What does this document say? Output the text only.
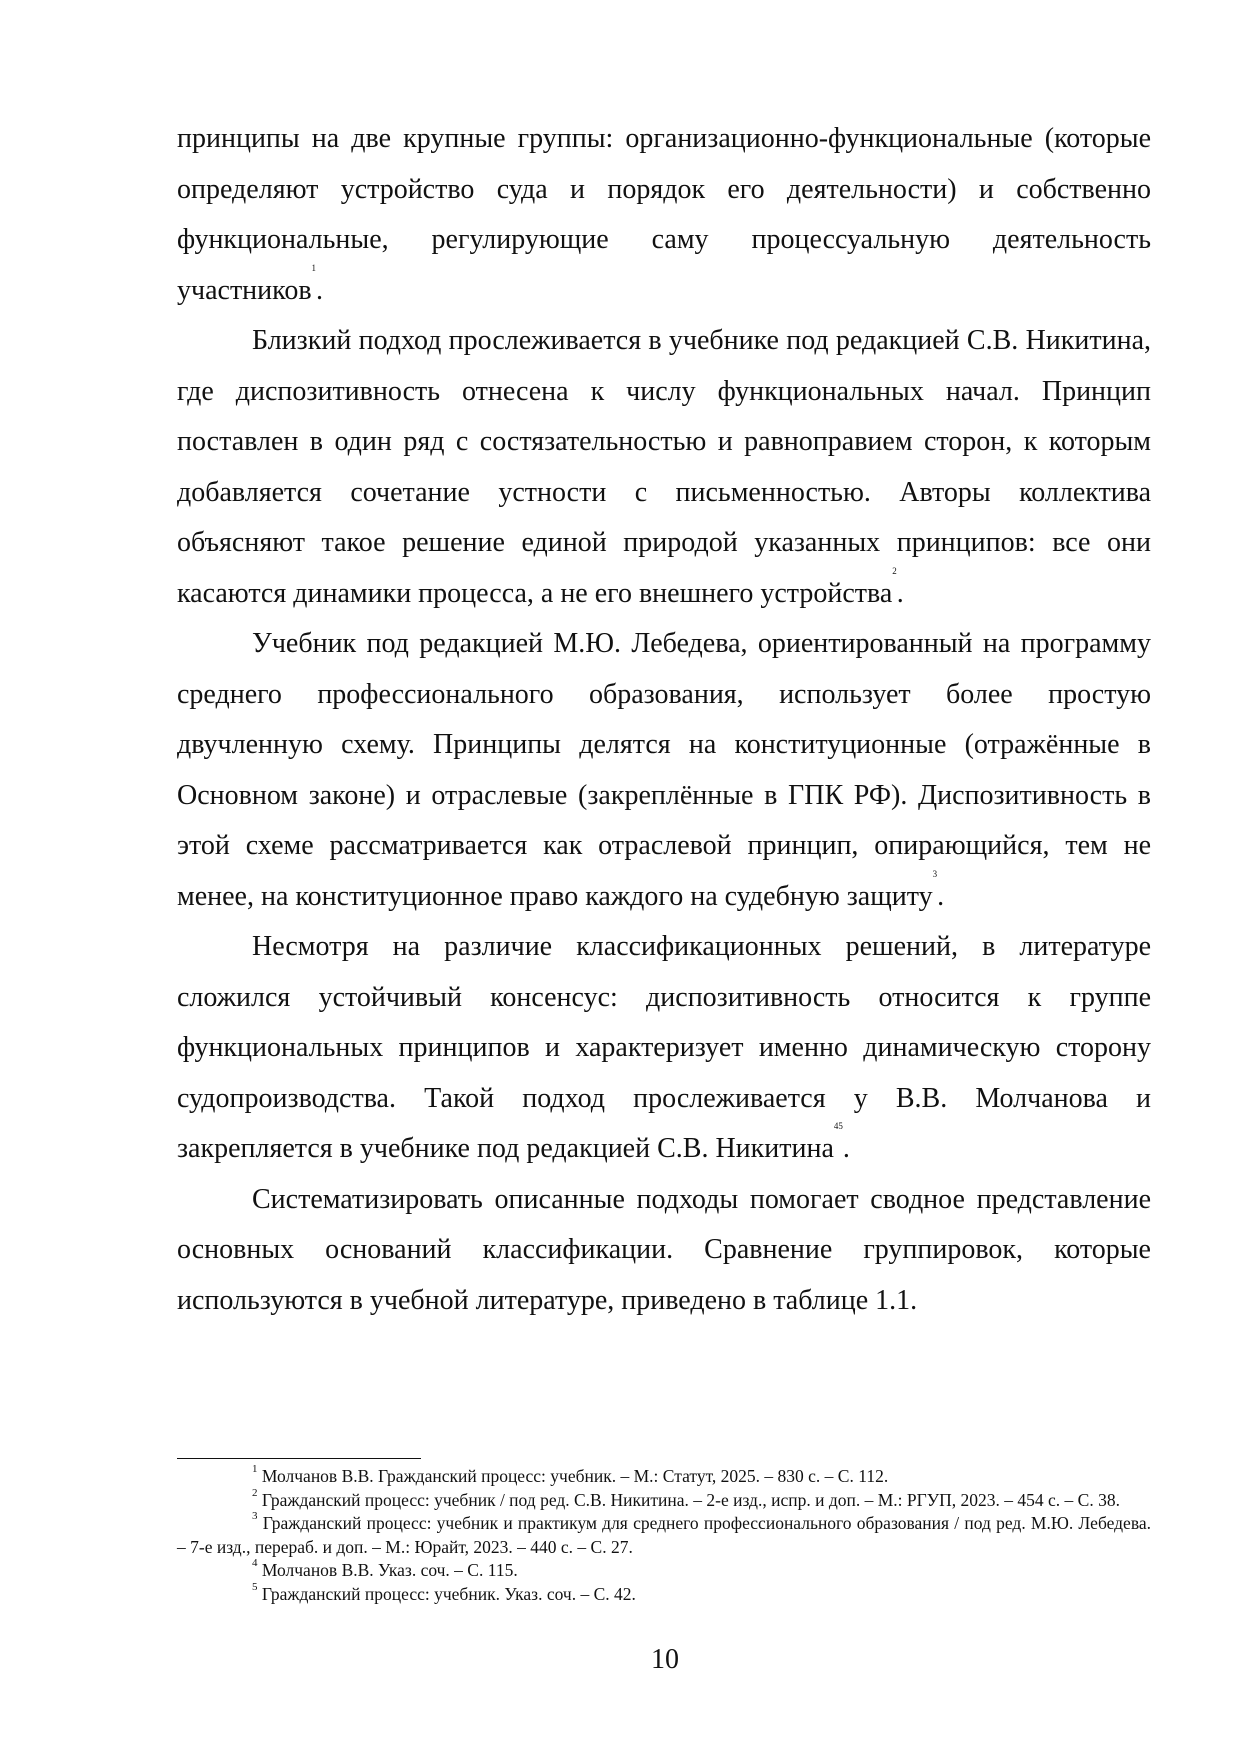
принципы на две крупные группы: организационно-функциональные (которые определяют устройство суда и порядок его деятельности) и собственно функциональные, регулирующие саму процессуальную деятельность участников$^1$.

Близкий подход прослеживается в учебнике под редакцией С.В. Никитина, где диспозитивность отнесена к числу функциональных начал. Принцип поставлен в один ряд с состязательностью и равноправием сторон, к которым добавляется сочетание устности с письменностью. Авторы коллектива объясняют такое решение единой природой указанных принципов: все они касаются динамики процесса, а не его внешнего устройства$^2$.

Учебник под редакцией М.Ю. Лебедева, ориентированный на программу среднего профессионального образования, использует более простую двучленную схему. Принципы делятся на конституционные (отражённые в Основном законе) и отраслевые (закреплённые в ГПК РФ). Диспозитивность в этой схеме рассматривается как отраслевой принцип, опирающийся, тем не менее, на конституционное право каждого на судебную защиту$^3$.

Несмотря на различие классификационных решений, в литературе сложился устойчивый консенсус: диспозитивность относится к группе функциональных принципов и характеризует именно динамическую сторону судопроизводства. Такой подход прослеживается у В.В. Молчанова и закрепляется в учебнике под редакцией С.В. Никитина$^{45}$.

Систематизировать описанные подходы помогает сводное представление основных оснований классификации. Сравнение группировок, которые используются в учебной литературе, приведено в таблице 1.1.

$^1$ Молчанов В.В. Гражданский процесс: учебник. – М.: Статут, 2025. – 830 с. – С. 112.

$^2$ Гражданский процесс: учебник / под ред. С.В. Никитина. – 2-е изд., испр. и доп. – М.: РГУП, 2023. – 454 с. – С. 38.

$^3$ Гражданский процесс: учебник и практикум для среднего профессионального образования / под ред. М.Ю. Лебедева. – 7-е изд., перераб. и доп. – М.: Юрайт, 2023. – 440 с. – С. 27.

$^4$ Молчанов В.В. Указ. соч. – С. 115.

$^5$ Гражданский процесс: учебник. Указ. соч. – С. 42.

10
